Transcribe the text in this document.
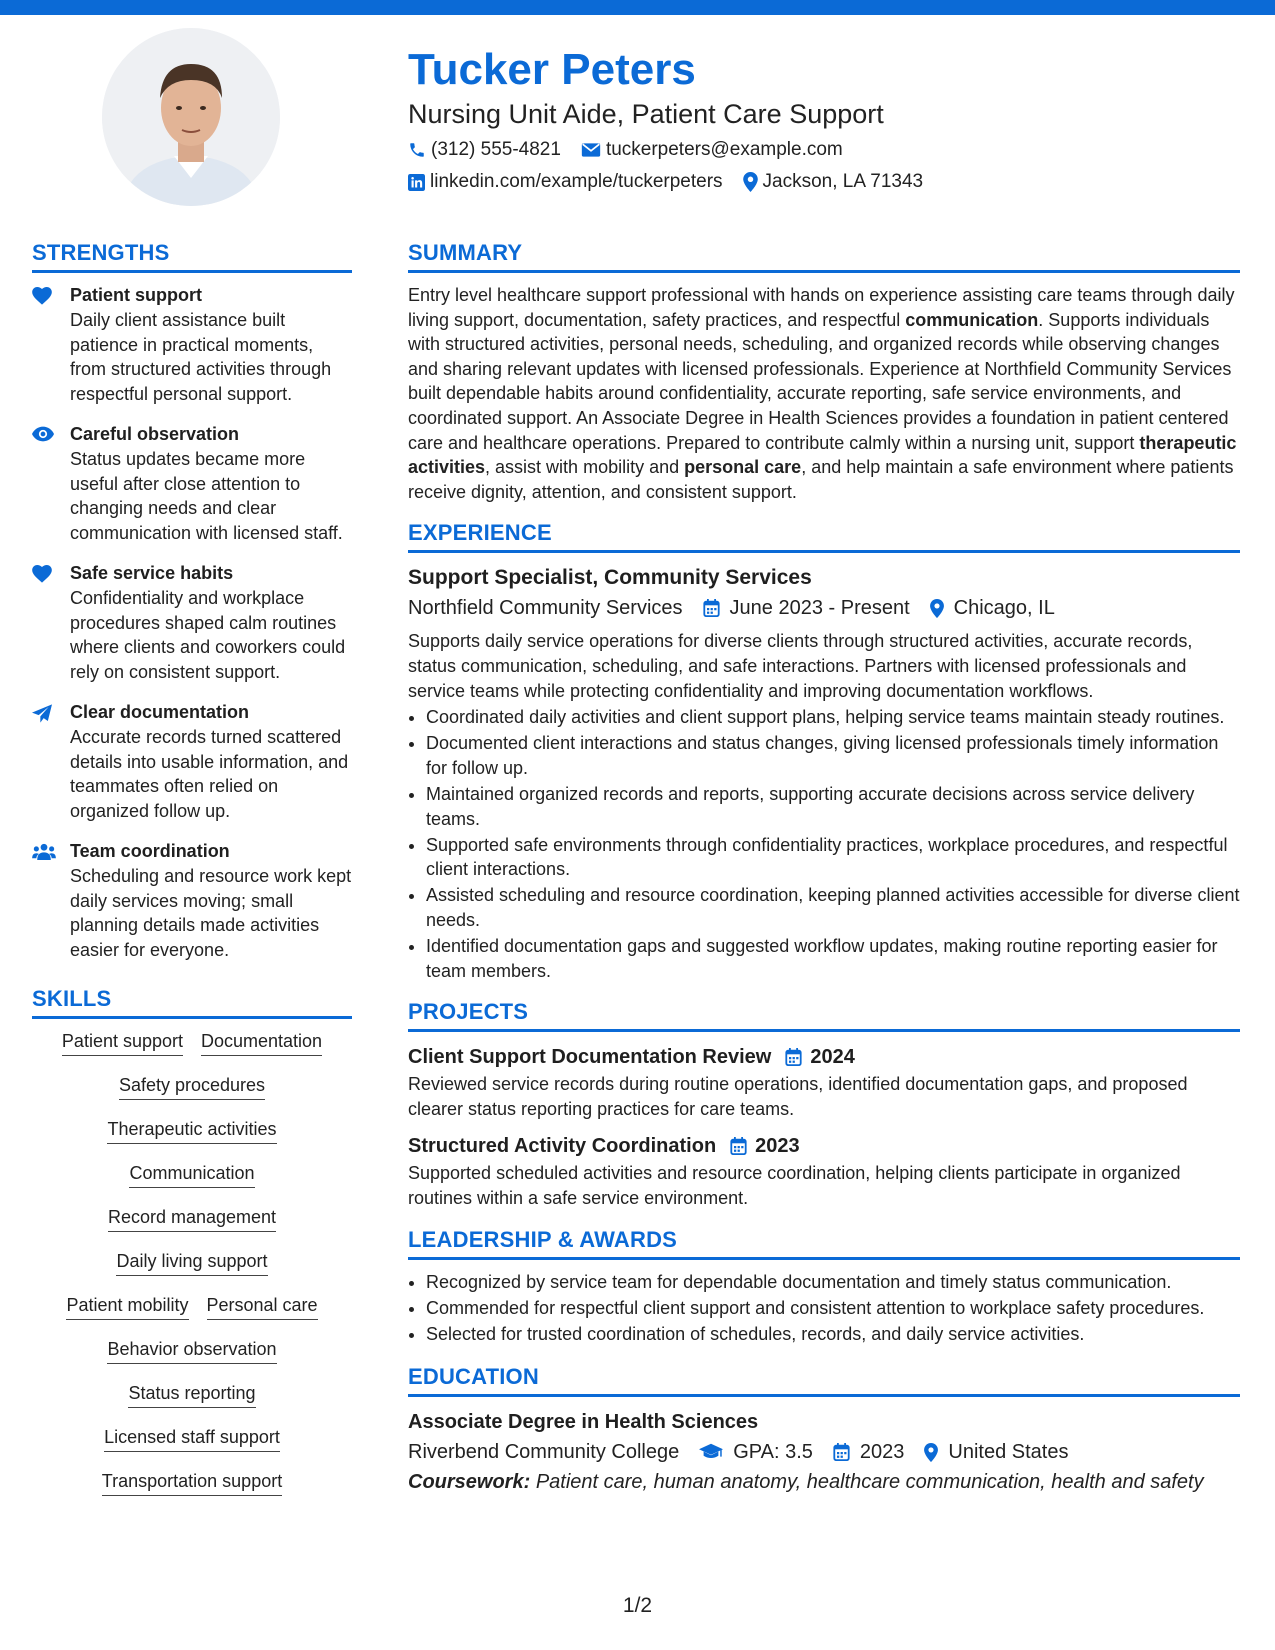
Tucker Peters
Nursing Unit Aide, Patient Care Support
(312) 555-4821 tuckerpeters@example.com
linkedin.com/example/tuckerpeters Jackson, LA 71343
STRENGTHS
Patient support
Daily client assistance built patience in practical moments, from structured activities through respectful personal support.
Careful observation
Status updates became more useful after close attention to changing needs and clear communication with licensed staff.
Safe service habits
Confidentiality and workplace procedures shaped calm routines where clients and coworkers could rely on consistent support.
Clear documentation
Accurate records turned scattered details into usable information, and teammates often relied on organized follow up.
Team coordination
Scheduling and resource work kept daily services moving; small planning details made activities easier for everyone.
SKILLS
Patient support Documentation
Safety procedures
Therapeutic activities
Communication
Record management
Daily living support
Patient mobility Personal care
Behavior observation
Status reporting
Licensed staff support
Transportation support
SUMMARY

Entry level healthcare support professional with hands on experience assisting care teams through daily living support, documentation, safety practices, and respectful communication. Supports individuals with structured activities, personal needs, scheduling, and organized records while observing changes and sharing relevant updates with licensed professionals. Experience at Northfield Community Services built dependable habits around confidentiality, accurate reporting, safe service environments, and coordinated support. An Associate Degree in Health Sciences provides a foundation in patient centered care and healthcare operations. Prepared to contribute calmly within a nursing unit, support therapeutic activities, assist with mobility and personal care, and help maintain a safe environment where patients receive dignity, attention, and consistent support.

EXPERIENCE
Support Specialist, Community Services
Northfield Community Services June 2023 - Present Chicago, IL

Supports daily service operations for diverse clients through structured activities, accurate records, status communication, scheduling, and safe interactions. Partners with licensed professionals and service teams while protecting confidentiality and improving documentation workflows.

• Coordinated daily activities and client support plans, helping service teams maintain steady routines.
• Documented client interactions and status changes, giving licensed professionals timely information for follow up.
• Maintained organized records and reports, supporting accurate decisions across service delivery teams.
• Supported safe environments through confidentiality practices, workplace procedures, and respectful client interactions.
• Assisted scheduling and resource coordination, keeping planned activities accessible for diverse client needs.
• Identified documentation gaps and suggested workflow updates, making routine reporting easier for team members.
PROJECTS
Client Support Documentation Review 2024

Reviewed service records during routine operations, identified documentation gaps, and proposed clearer status reporting practices for care teams.

Structured Activity Coordination 2023

Supported scheduled activities and resource coordination, helping clients participate in organized routines within a safe service environment.

LEADERSHIP & AWARDS
• Recognized by service team for dependable documentation and timely status communication.
• Commended for respectful client support and consistent attention to workplace safety procedures.
• Selected for trusted coordination of schedules, records, and daily service activities.
EDUCATION
Associate Degree in Health Sciences
Riverbend Community College	GPA: 3.5 2023 United States
Coursework: Patient care, human anatomy, healthcare communication, health and safety
1/2
